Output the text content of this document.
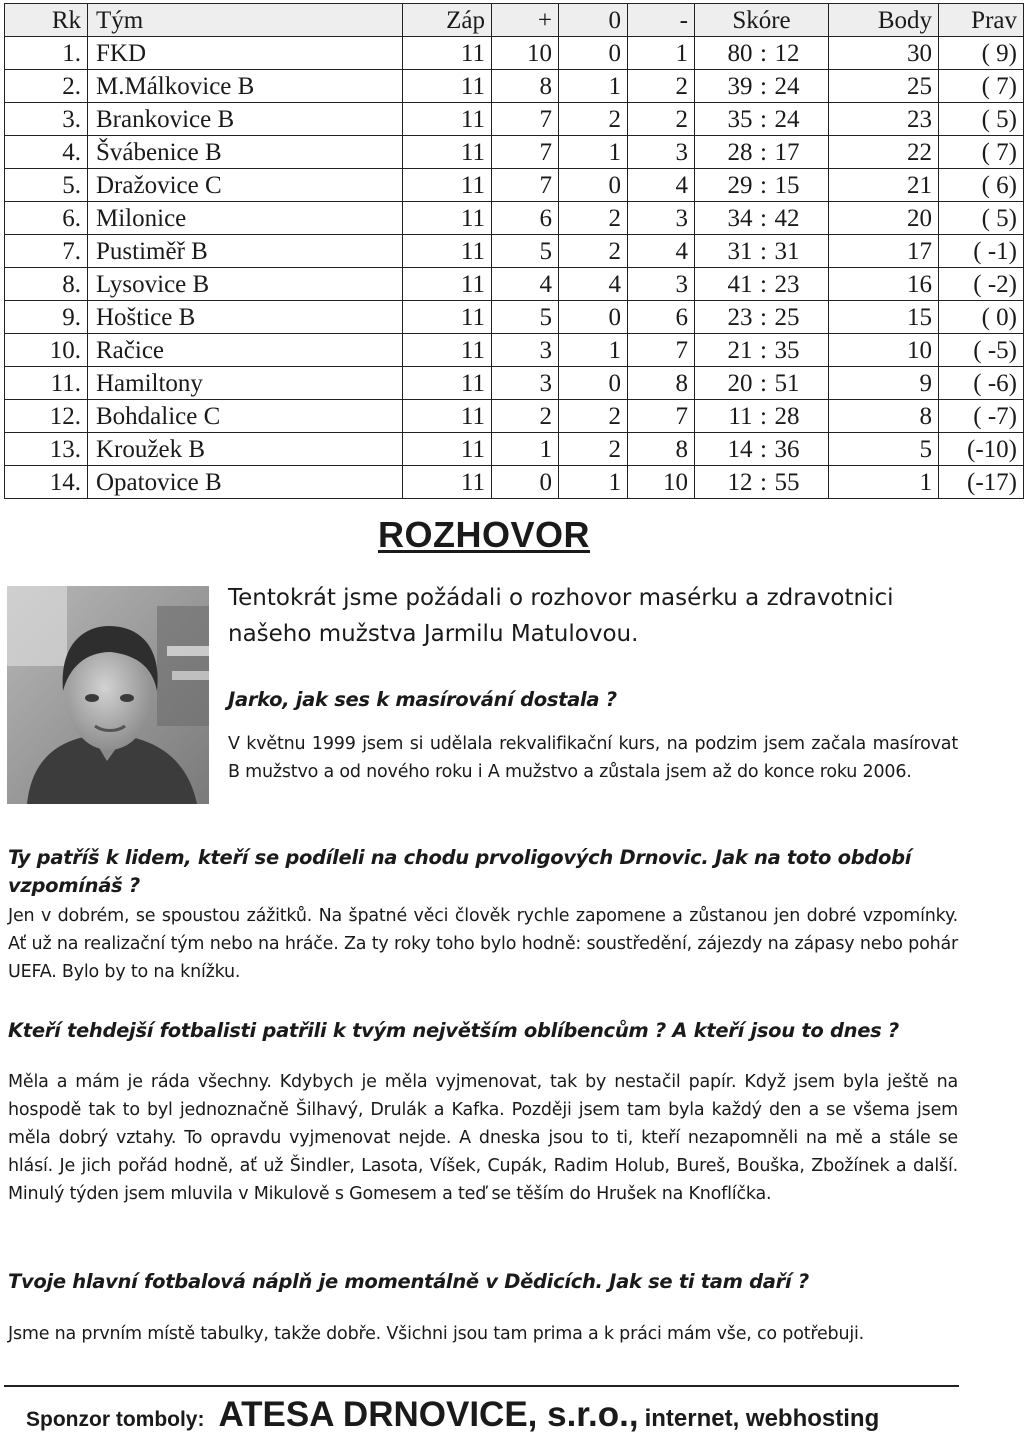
Rk	Tým	Záp	+	0	-	Skóre	Body	Prav
1.	FKD	11	10	0	1	80 : 12	30	( 9)
2.	M.Málkovice B	11	8	1	2	39 : 24	25	( 7)
3.	Brankovice B	11	7	2	2	35 : 24	23	( 5)
4.	Švábenice B	11	7	1	3	28 : 17	22	( 7)
5.	Dražovice C	11	7	0	4	29 : 15	21	( 6)
6.	Milonice	11	6	2	3	34 : 42	20	( 5)
7.	Pustiměř B	11	5	2	4	31 : 31	17	( -1)
8.	Lysovice B	11	4	4	3	41 : 23	16	( -2)
9.	Hoštice B	11	5	0	6	23 : 25	15	( 0)
10.	Račice	11	3	1	7	21 : 35	10	( -5)
11.	Hamiltony	11	3	0	8	20 : 51	9	( -6)
12.	Bohdalice C	11	2	2	7	11 : 28	8	( -7)
13.	Kroužek B	11	1	2	8	14 : 36	5	(-10)
14.	Opatovice B	11	0	1	10	12 : 55	1	(-17)
ROZHOVOR

Tentokrát jsme požádali o rozhovor masérku a zdravotnici našeho mužstva Jarmilu Matulovou.

Jarko, jak ses k masírování dostala ?

V květnu 1999 jsem si udělala rekvalifikační kurs, na podzim jsem začala masírovat B mužstvo a od nového roku i A mužstvo a zůstala jsem až do konce roku 2006.

Ty patříš k lidem, kteří se podíleli na chodu prvoligových Drnovic. Jak na toto období vzpomínáš ?

Jen v dobrém, se spoustou zážitků. Na špatné věci člověk rychle zapomene a zůstanou jen dobré vzpomínky. Ať už na realizační tým nebo na hráče. Za ty roky toho bylo hodně: soustředění, zájezdy na zápasy nebo pohár UEFA. Bylo by to na knížku.

Kteří tehdejší fotbalisti patřili k tvým největším oblíbencům ? A kteří jsou to dnes ?

Měla a mám je ráda všechny. Kdybych je měla vyjmenovat, tak by nestačil papír. Když jsem byla ještě na hospodě tak to byl jednoznačně Šilhavý, Drulák a Kafka. Později jsem tam byla každý den a se všema jsem měla dobrý vztahy. To opravdu vyjmenovat nejde. A dneska jsou to ti, kteří nezapomněli na mě a stále se hlásí. Je jich pořád hodně, ať už Šindler, Lasota, Víšek, Cupák, Radim Holub, Bureš, Bouška, Zbožínek a další. Minulý týden jsem mluvila v Mikulově s Gomesem a teď se těším do Hrušek na Knoflíčka.

Tvoje hlavní fotbalová náplň je momentálně v Dědicích. Jak se ti tam daří ?

Jsme na prvním místě tabulky, takže dobře. Všichni jsou tam prima a k práci mám vše, co potřebuji.

Sponzor tomboly: ATESA DRNOVICE, s.r.o., internet, webhosting
